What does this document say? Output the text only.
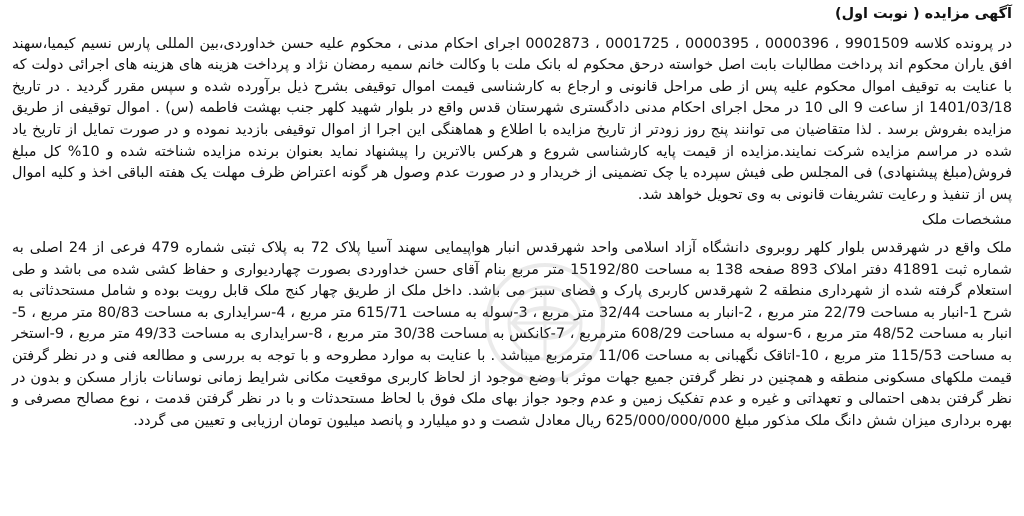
آگهی مزایده ( نوبت اول)

در پرونده کلاسه 9901509 ، 0000396 ، 0000395 ، 0001725 ، 0002873 اجرای احکام مدنی ، محکوم علیه حسن خداوردی،بین المللی پارس نسیم کیمیا،سهند افق یاران محکوم اند پرداخت مطالبات بابت اصل خواسته درحق محکوم له بانک ملت با وکالت خانم سمیه رمضان نژاد و پرداخت هزینه های هزینه های اجرائی دولت که با عنایت به توقیف اموال محکوم علیه پس از طی مراحل قانونی و ارجاع به کارشناسی قیمت اموال توقیفی بشرح ذیل برآورده شده و سپس مقرر گردید . در تاریخ 1401/03/18 از ساعت 9 الی 10 در محل اجرای احکام مدنی دادگستری شهرستان قدس واقع در بلوار شهید کلهر جنب بهشت فاطمه (س) . اموال توقیفی از طریق مزایده بفروش برسد . لذا متقاضیان می توانند پنج روز زودتر از تاریخ مزایده با اطلاع و هماهنگی این اجرا از اموال توقیفی بازدید نموده و در صورت تمایل از تاریخ یاد شده در مراسم مزایده شرکت نمایند.مزایده از قیمت پایه کارشناسی شروع و هرکس بالاترین را پیشنهاد نماید بعنوان برنده مزایده شناخته شده و 10% کل مبلغ فروش(مبلغ پیشنهادی) فی المجلس طی فیش سپرده یا چک تضمینی از خریدار و در صورت عدم وصول هر گونه اعتراض ظرف مهلت یک هفته الباقی اخذ و کلیه اموال پس از تنفیذ و رعایت تشریفات قانونی به وی تحویل خواهد شد.

مشخصات ملک

ملک واقع در شهرقدس بلوار کلهر روبروی دانشگاه آزاد اسلامی واحد شهرقدس انبار هواپیمایی سهند آسیا پلاک 72 به پلاک ثبتی شماره 479 فرعی از 24 اصلی به شماره ثبت 41891 دفتر املاک 893 صفحه 138 به مساحت 15192/80 متر مربع بنام آقای حسن خداوردی بصورت چهاردیواری و حفاظ کشی شده می باشد و طی استعلام گرفته شده از شهرداری منطقه 2 شهرقدس کاربری پارک و فضای سبز می باشد. داخل ملک از طریق چهار کنج ملک قابل رویت بوده و شامل مستحدثاتی به شرح 1-انبار به مساحت 22/79 متر مربع ، 2-انبار به مساحت 32/44 متر مربع ، 3-سوله به مساحت 615/71 متر مربع ، 4-سرایداری به مساحت 80/83 متر مربع ، 5-انبار به مساحت 48/52 متر مربع ، 6-سوله به مساحت 608/29 مترمربع ، 7-کانکس به مساحت 30/38 متر مربع ، 8-سرایداری به مساحت 49/33 متر مربع ، 9-استخر به مساحت 115/53 متر مربع ، 10-اتاقک نگهبانی به مساحت 11/06 مترمربع میباشد . با عنایت به موارد مطروحه و با توجه به بررسی و مطالعه فنی و در نظر گرفتن قیمت ملکهای مسکونی منطقه و همچنین در نظر گرفتن جمیع جهات موثر با وضع موجود از لحاظ کاربری موقعیت مکانی شرایط زمانی نوسانات بازار مسکن و بدون در نظر گرفتن بدهی احتمالی و تعهداتی و غیره و عدم تفکیک زمین و عدم وجود جواز بهای ملک فوق با لحاظ مستحدثات و با در نظر گرفتن قدمت ، نوع مصالح مصرفی و بهره برداری میزان شش دانگ ملک مذکور مبلغ 625/000/000/000 ریال معادل شصت و دو میلیارد و پانصد میلیون تومان ارزیابی و تعیین می گردد.
